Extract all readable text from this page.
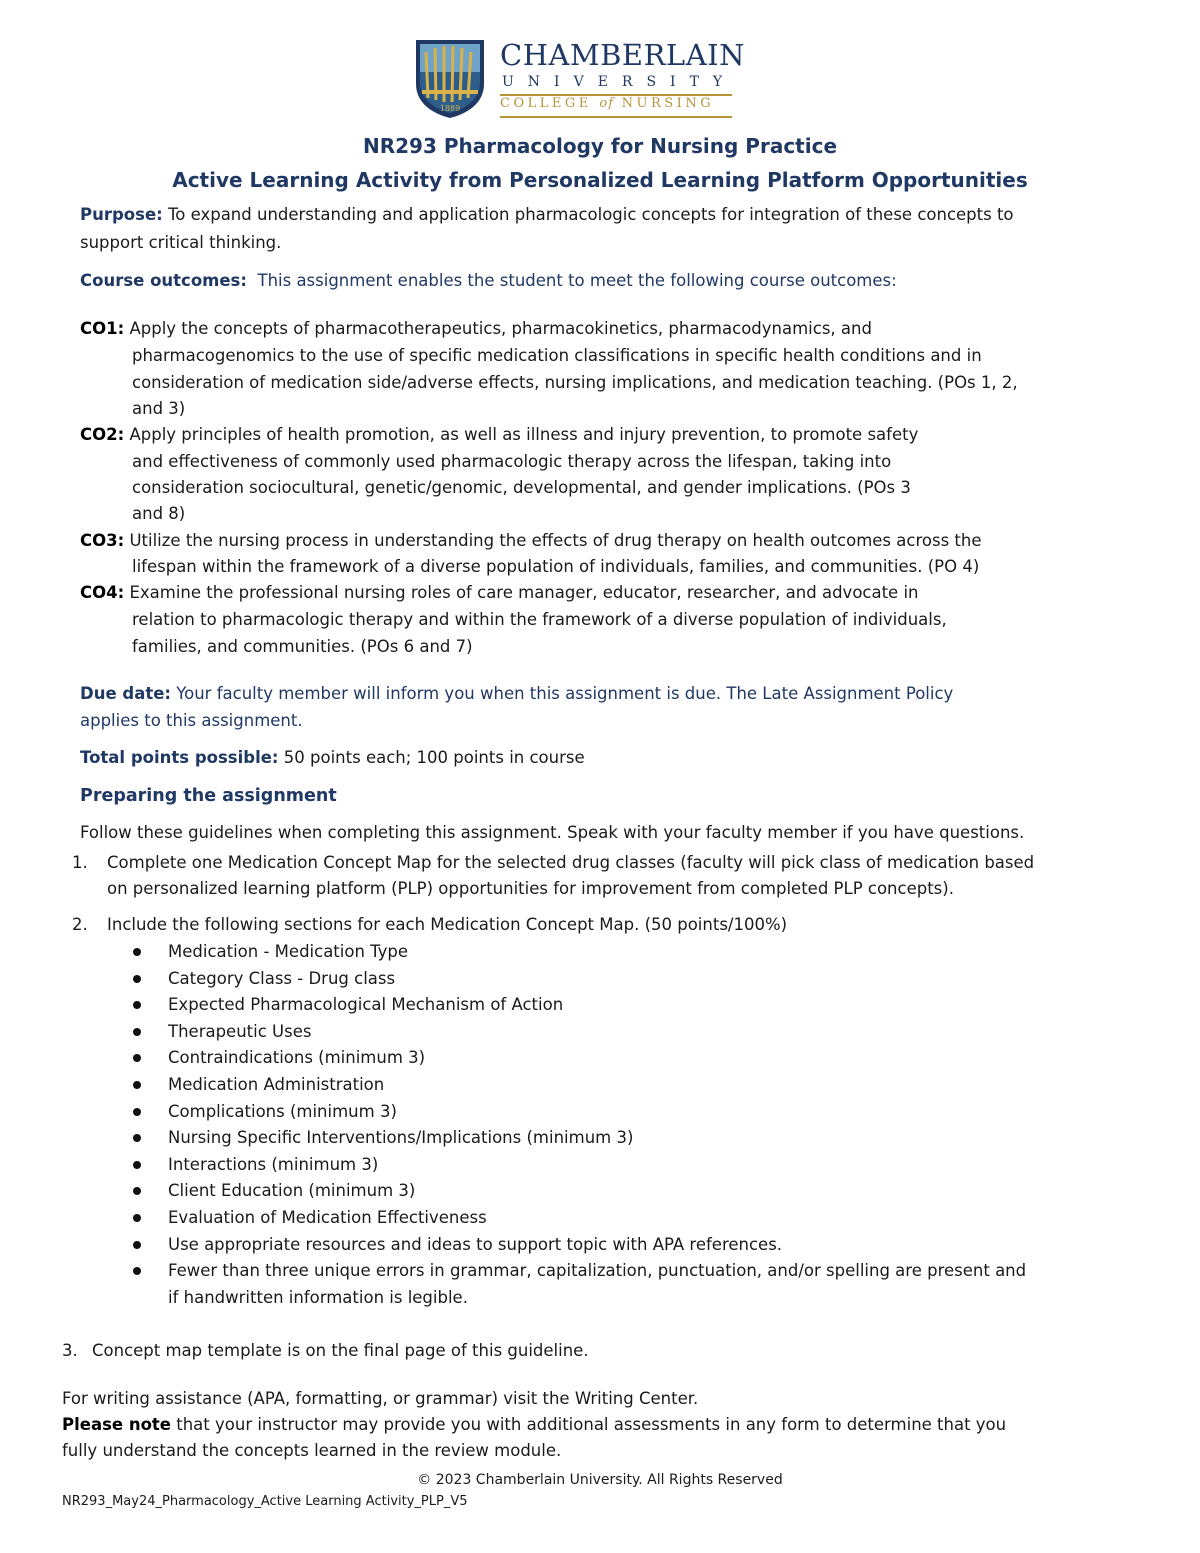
1889
CHAMBERLAIN
UNIVERSITY
COLLEGE of NURSING
NR293 Pharmacology for Nursing Practice
Active Learning Activity from Personalized Learning Platform Opportunities
Purpose: To expand understanding and application pharmacologic concepts for integration of these concepts to
support critical thinking.
Course outcomes: This assignment enables the student to meet the following course outcomes:
CO1: Apply the concepts of pharmacotherapeutics, pharmacokinetics, pharmacodynamics, and
pharmacogenomics to the use of specific medication classifications in specific health conditions and in
consideration of medication side/adverse effects, nursing implications, and medication teaching. (POs 1, 2,
and 3)
CO2: Apply principles of health promotion, as well as illness and injury prevention, to promote safety
and effectiveness of commonly used pharmacologic therapy across the lifespan, taking into
consideration sociocultural, genetic/genomic, developmental, and gender implications. (POs 3
and 8)
CO3: Utilize the nursing process in understanding the effects of drug therapy on health outcomes across the
lifespan within the framework of a diverse population of individuals, families, and communities. (PO 4)
CO4: Examine the professional nursing roles of care manager, educator, researcher, and advocate in
relation to pharmacologic therapy and within the framework of a diverse population of individuals,
families, and communities. (POs 6 and 7)
Due date: Your faculty member will inform you when this assignment is due. The Late Assignment Policy
applies to this assignment.
Total points possible: 50 points each; 100 points in course
Preparing the assignment
Follow these guidelines when completing this assignment. Speak with your faculty member if you have questions.
1. Complete one Medication Concept Map for the selected drug classes (faculty will pick class of medication based
on personalized learning platform (PLP) opportunities for improvement from completed PLP concepts).
2. Include the following sections for each Medication Concept Map. (50 points/100%)
Medication - Medication Type
Category Class - Drug class
Expected Pharmacological Mechanism of Action
Therapeutic Uses
Contraindications (minimum 3)
Medication Administration
Complications (minimum 3)
Nursing Specific Interventions/Implications (minimum 3)
Interactions (minimum 3)
Client Education (minimum 3)
Evaluation of Medication Effectiveness
Use appropriate resources and ideas to support topic with APA references.
Fewer than three unique errors in grammar, capitalization, punctuation, and/or spelling are present and
if handwritten information is legible.
3. Concept map template is on the final page of this guideline.
For writing assistance (APA, formatting, or grammar) visit the Writing Center.
Please note that your instructor may provide you with additional assessments in any form to determine that you
fully understand the concepts learned in the review module.
© 2023 Chamberlain University. All Rights Reserved
NR293_May24_Pharmacology_Active Learning Activity_PLP_V5
